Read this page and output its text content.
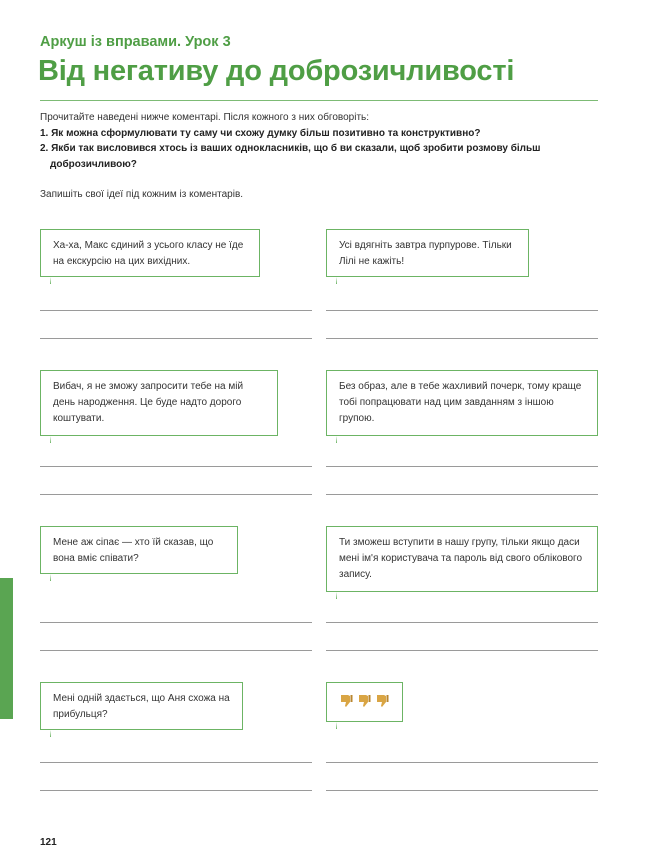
Аркуш із вправами. Урок 3
Від негативу до доброзичливості

Прочитайте наведені нижче коментарі. Після кожного з них обговоріть:

1. Як можна сформулювати ту саму чи схожу думку більш позитивно та конструктивно?

2. Якби так висловився хтось із ваших однокласників, що б ви сказали, щоб зробити розмову більш доброзичливою?

Запишіть свої ідеї під кожним із коментарів.

Ха-ха, Макс єдиний з усього класу не їде на екскурсію на цих вихідних.
Усі вдягніть завтра пурпурове. Тільки Лілі не кажіть!
Вибач, я не зможу запросити тебе на мій день народження. Це буде надто дорого коштувати.
Без образ, але в тебе жахливий почерк, тому краще тобі попрацювати над цим завданням з іншою групою.
Мене аж сіпає — хто їй сказав, що вона вміє співати?
Ти зможеш вступити в нашу групу, тільки якщо даси мені ім'я користувача та пароль від свого облікового запису.
Мені одній здається, що Аня схожа на прибульця?
121
